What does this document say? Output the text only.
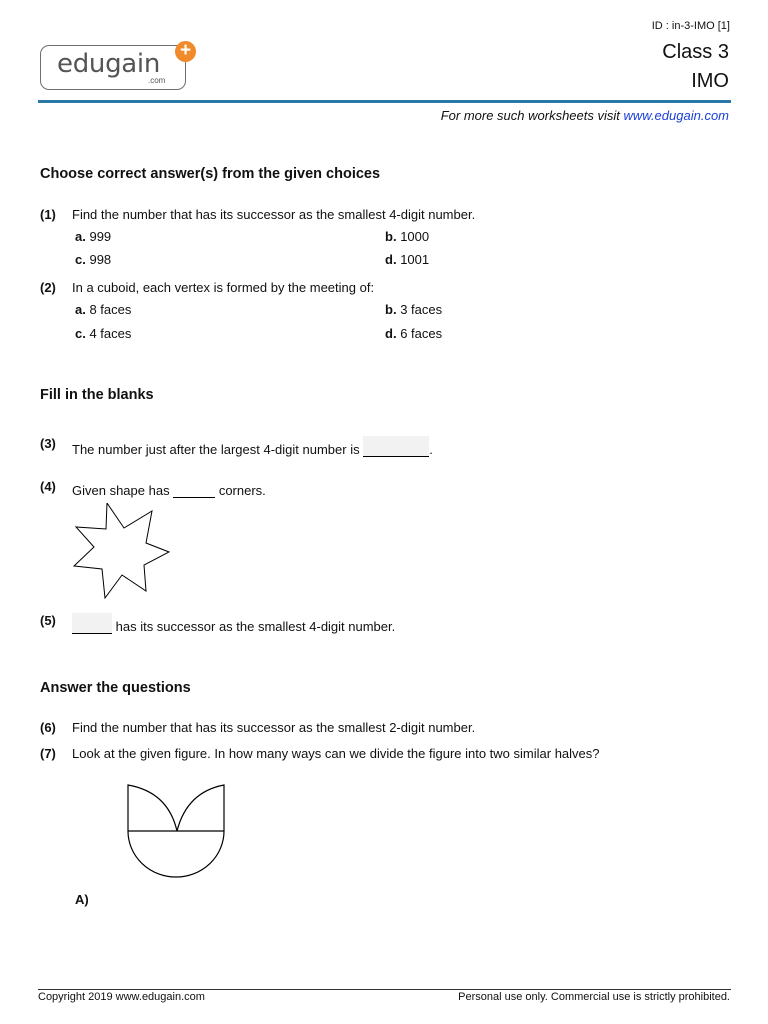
edugain
.com
+
ID : in-3-IMO [1]
Class 3
IMO
For more such worksheets visit www.edugain.com
Choose correct answer(s) from the given choices
(1) Find the number that has its successor as the smallest 4-digit number.
a. 999	b. 1000
c. 998	d. 1001
(2) In a cuboid, each vertex is formed by the meeting of:
a. 8 faces	b. 3 faces
c. 4 faces	d. 6 faces
Fill in the blanks
(3) The number just after the largest 4-digit number is	.
(4) Given shape has	corners.
(5)	has its successor as the smallest 4-digit number.
Answer the questions
(6) Find the number that has its successor as the smallest 2-digit number.
(7) Look at the given figure. In how many ways can we divide the figure into two similar halves?
A)
Copyright 2019 www.edugain.com	Personal use only. Commercial use is strictly prohibited.
